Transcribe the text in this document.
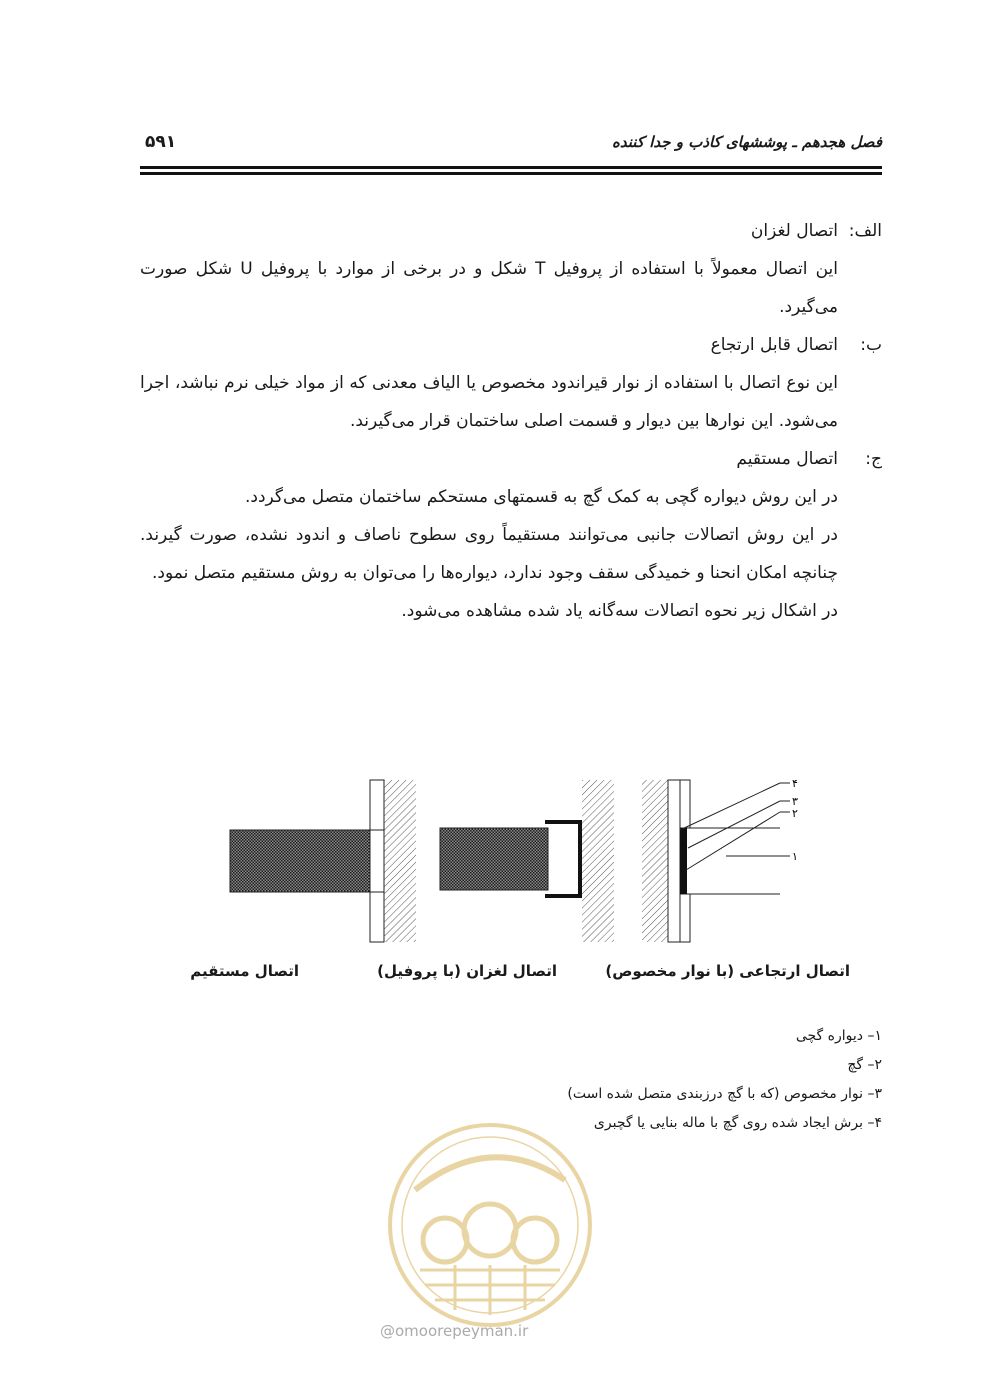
فصل هجدهم ـ پوششهای کاذب و جدا کننده
۵۹۱
الف:
اتصال لغزان
این اتصال معمولاً با استفاده از پروفیل T شکل و در برخی از موارد با پروفیل U شکل صورت می‌گیرد.
ب:
اتصال قابل ارتجاع
این نوع اتصال با استفاده از نوار قیراندود مخصوص یا الیاف معدنی که از مواد خیلی نرم نباشد، اجرا می‌شود. این نوارها بین دیوار و قسمت اصلی ساختمان قرار می‌گیرند.
ج:
اتصال مستقیم
در این روش دیواره گچی به کمک گچ به قسمتهای مستحکم ساختمان متصل می‌گردد.
در این روش اتصالات جانبی می‌توانند مستقیماً روی سطوح ناصاف و اندود نشده، صورت گیرند. چنانچه امکان انحنا و خمیدگی سقف وجود ندارد، دیواره‌ها را می‌توان به روش مستقیم متصل نمود.
در اشکال زیر نحوه اتصالات سه‌گانه یاد شده مشاهده می‌شود.
۴
۳
۲
۱
اتصال ارتجاعی (با نوار مخصوص)
اتصال لغزان (با پروفیل)
اتصال مستقیم
۱– دیواره گچی
۲– گچ
۳– نوار مخصوص (که با گچ درزبندی متصل شده است)
۴– برش ایجاد شده روی گچ با ماله بنایی یا گچبری
@omoorepeyman.ir
